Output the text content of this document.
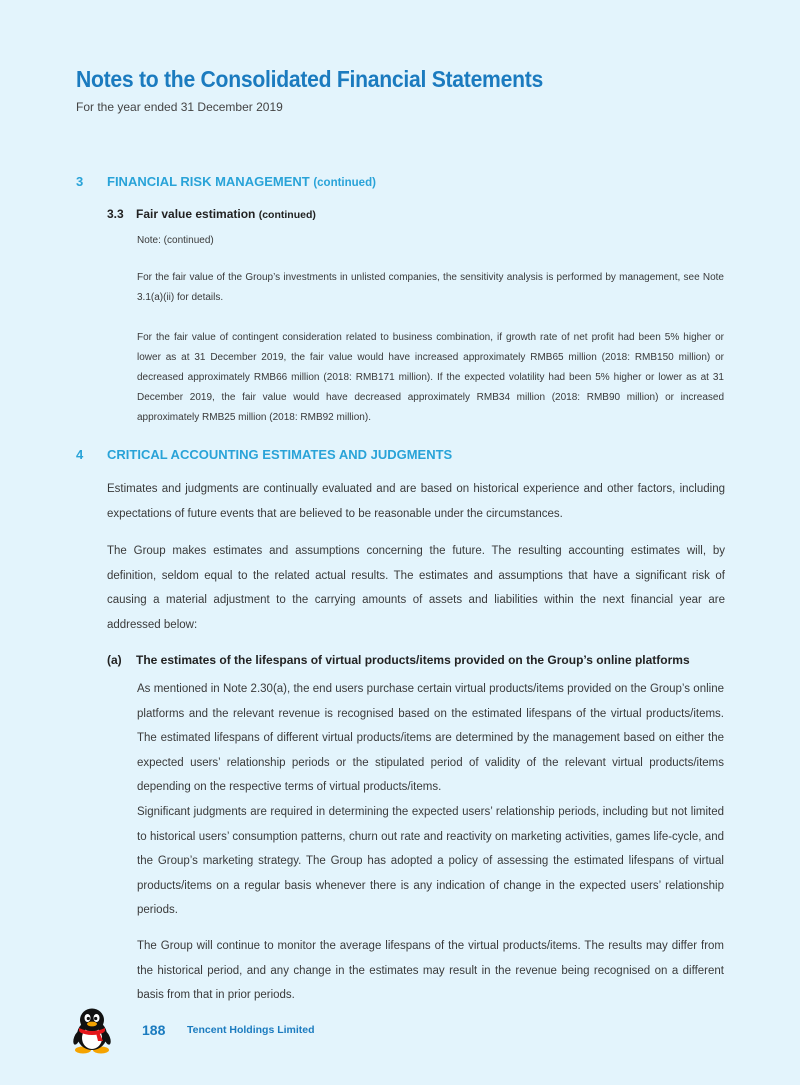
Notes to the Consolidated Financial Statements
For the year ended 31 December 2019
3 FINANCIAL RISK MANAGEMENT (continued)
3.3 Fair value estimation (continued)
Note: (continued)
For the fair value of the Group’s investments in unlisted companies, the sensitivity analysis is performed by management, see Note 3.1(a)(ii) for details.
For the fair value of contingent consideration related to business combination, if growth rate of net profit had been 5% higher or lower as at 31 December 2019, the fair value would have increased approximately RMB65 million (2018: RMB150 million) or decreased approximately RMB66 million (2018: RMB171 million). If the expected volatility had been 5% higher or lower as at 31 December 2019, the fair value would have decreased approximately RMB34 million (2018: RMB90 million) or increased approximately RMB25 million (2018: RMB92 million).
4 CRITICAL ACCOUNTING ESTIMATES AND JUDGMENTS
Estimates and judgments are continually evaluated and are based on historical experience and other factors, including expectations of future events that are believed to be reasonable under the circumstances.
The Group makes estimates and assumptions concerning the future. The resulting accounting estimates will, by definition, seldom equal to the related actual results. The estimates and assumptions that have a significant risk of causing a material adjustment to the carrying amounts of assets and liabilities within the next financial year are addressed below:
(a) The estimates of the lifespans of virtual products/items provided on the Group’s online platforms
As mentioned in Note 2.30(a), the end users purchase certain virtual products/items provided on the Group’s online platforms and the relevant revenue is recognised based on the estimated lifespans of the virtual products/items. The estimated lifespans of different virtual products/items are determined by the management based on either the expected users’ relationship periods or the stipulated period of validity of the relevant virtual products/items depending on the respective terms of virtual products/items.
Significant judgments are required in determining the expected users’ relationship periods, including but not limited to historical users’ consumption patterns, churn out rate and reactivity on marketing activities, games life-cycle, and the Group’s marketing strategy. The Group has adopted a policy of assessing the estimated lifespans of virtual products/items on a regular basis whenever there is any indication of change in the expected users’ relationship periods.
The Group will continue to monitor the average lifespans of the virtual products/items. The results may differ from the historical period, and any change in the estimates may result in the revenue being recognised on a different basis from that in prior periods.
188 Tencent Holdings Limited
